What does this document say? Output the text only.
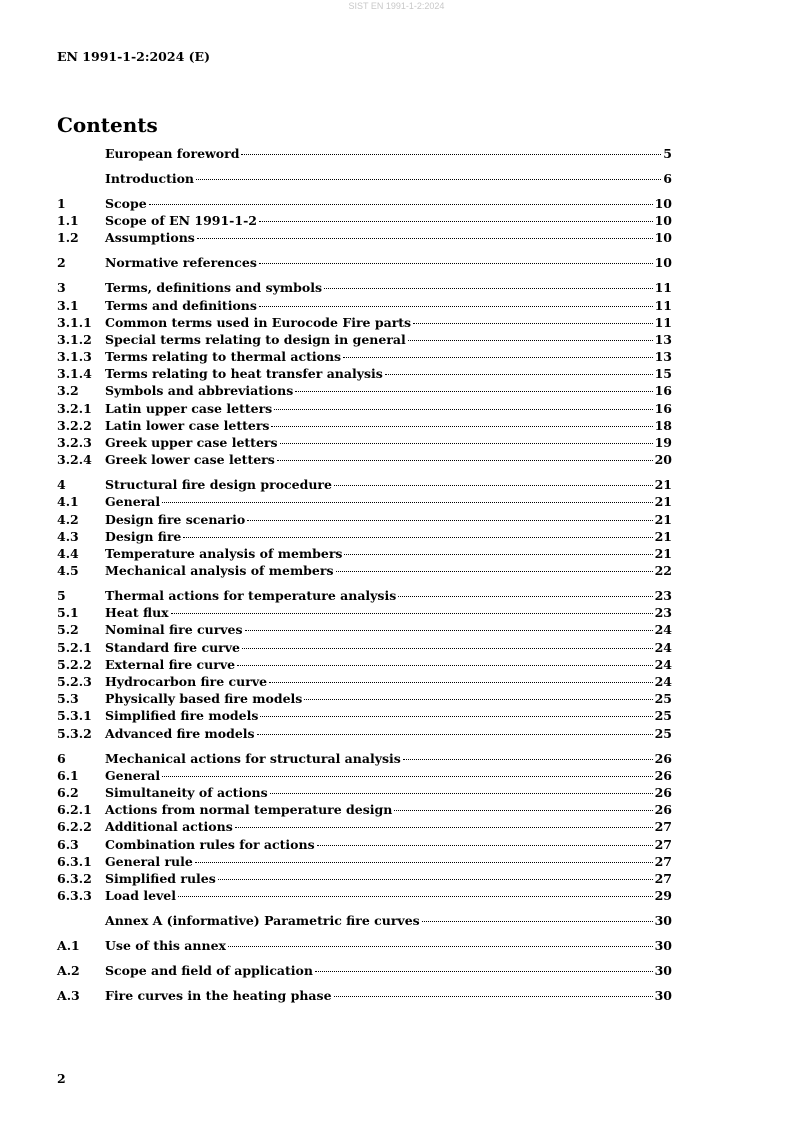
SIST EN 1991-1-2:2024
EN 1991-1-2:2024 (E)
Contents
European foreword	5
Introduction	6
1	Scope	10
1.1	Scope of EN 1991-1-2	10
1.2	Assumptions	10
2	Normative references	10
3	Terms, definitions and symbols	11
3.1	Terms and definitions	11
3.1.1	Common terms used in Eurocode Fire parts	11
3.1.2	Special terms relating to design in general	13
3.1.3	Terms relating to thermal actions	13
3.1.4	Terms relating to heat transfer analysis	15
3.2	Symbols and abbreviations	16
3.2.1	Latin upper case letters	16
3.2.2	Latin lower case letters	18
3.2.3	Greek upper case letters	19
3.2.4	Greek lower case letters	20
4	Structural fire design procedure	21
4.1	General	21
4.2	Design fire scenario	21
4.3	Design fire	21
4.4	Temperature analysis of members	21
4.5	Mechanical analysis of members	22
5	Thermal actions for temperature analysis	23
5.1	Heat flux	23
5.2	Nominal fire curves	24
5.2.1	Standard fire curve	24
5.2.2	External fire curve	24
5.2.3	Hydrocarbon fire curve	24
5.3	Physically based fire models	25
5.3.1	Simplified fire models	25
5.3.2	Advanced fire models	25
6	Mechanical actions for structural analysis	26
6.1	General	26
6.2	Simultaneity of actions	26
6.2.1	Actions from normal temperature design	26
6.2.2	Additional actions	27
6.3	Combination rules for actions	27
6.3.1	General rule	27
6.3.2	Simplified rules	27
6.3.3	Load level	29
Annex A (informative) Parametric fire curves	30
A.1	Use of this annex	30
A.2	Scope and field of application	30
A.3	Fire curves in the heating phase	30
2
